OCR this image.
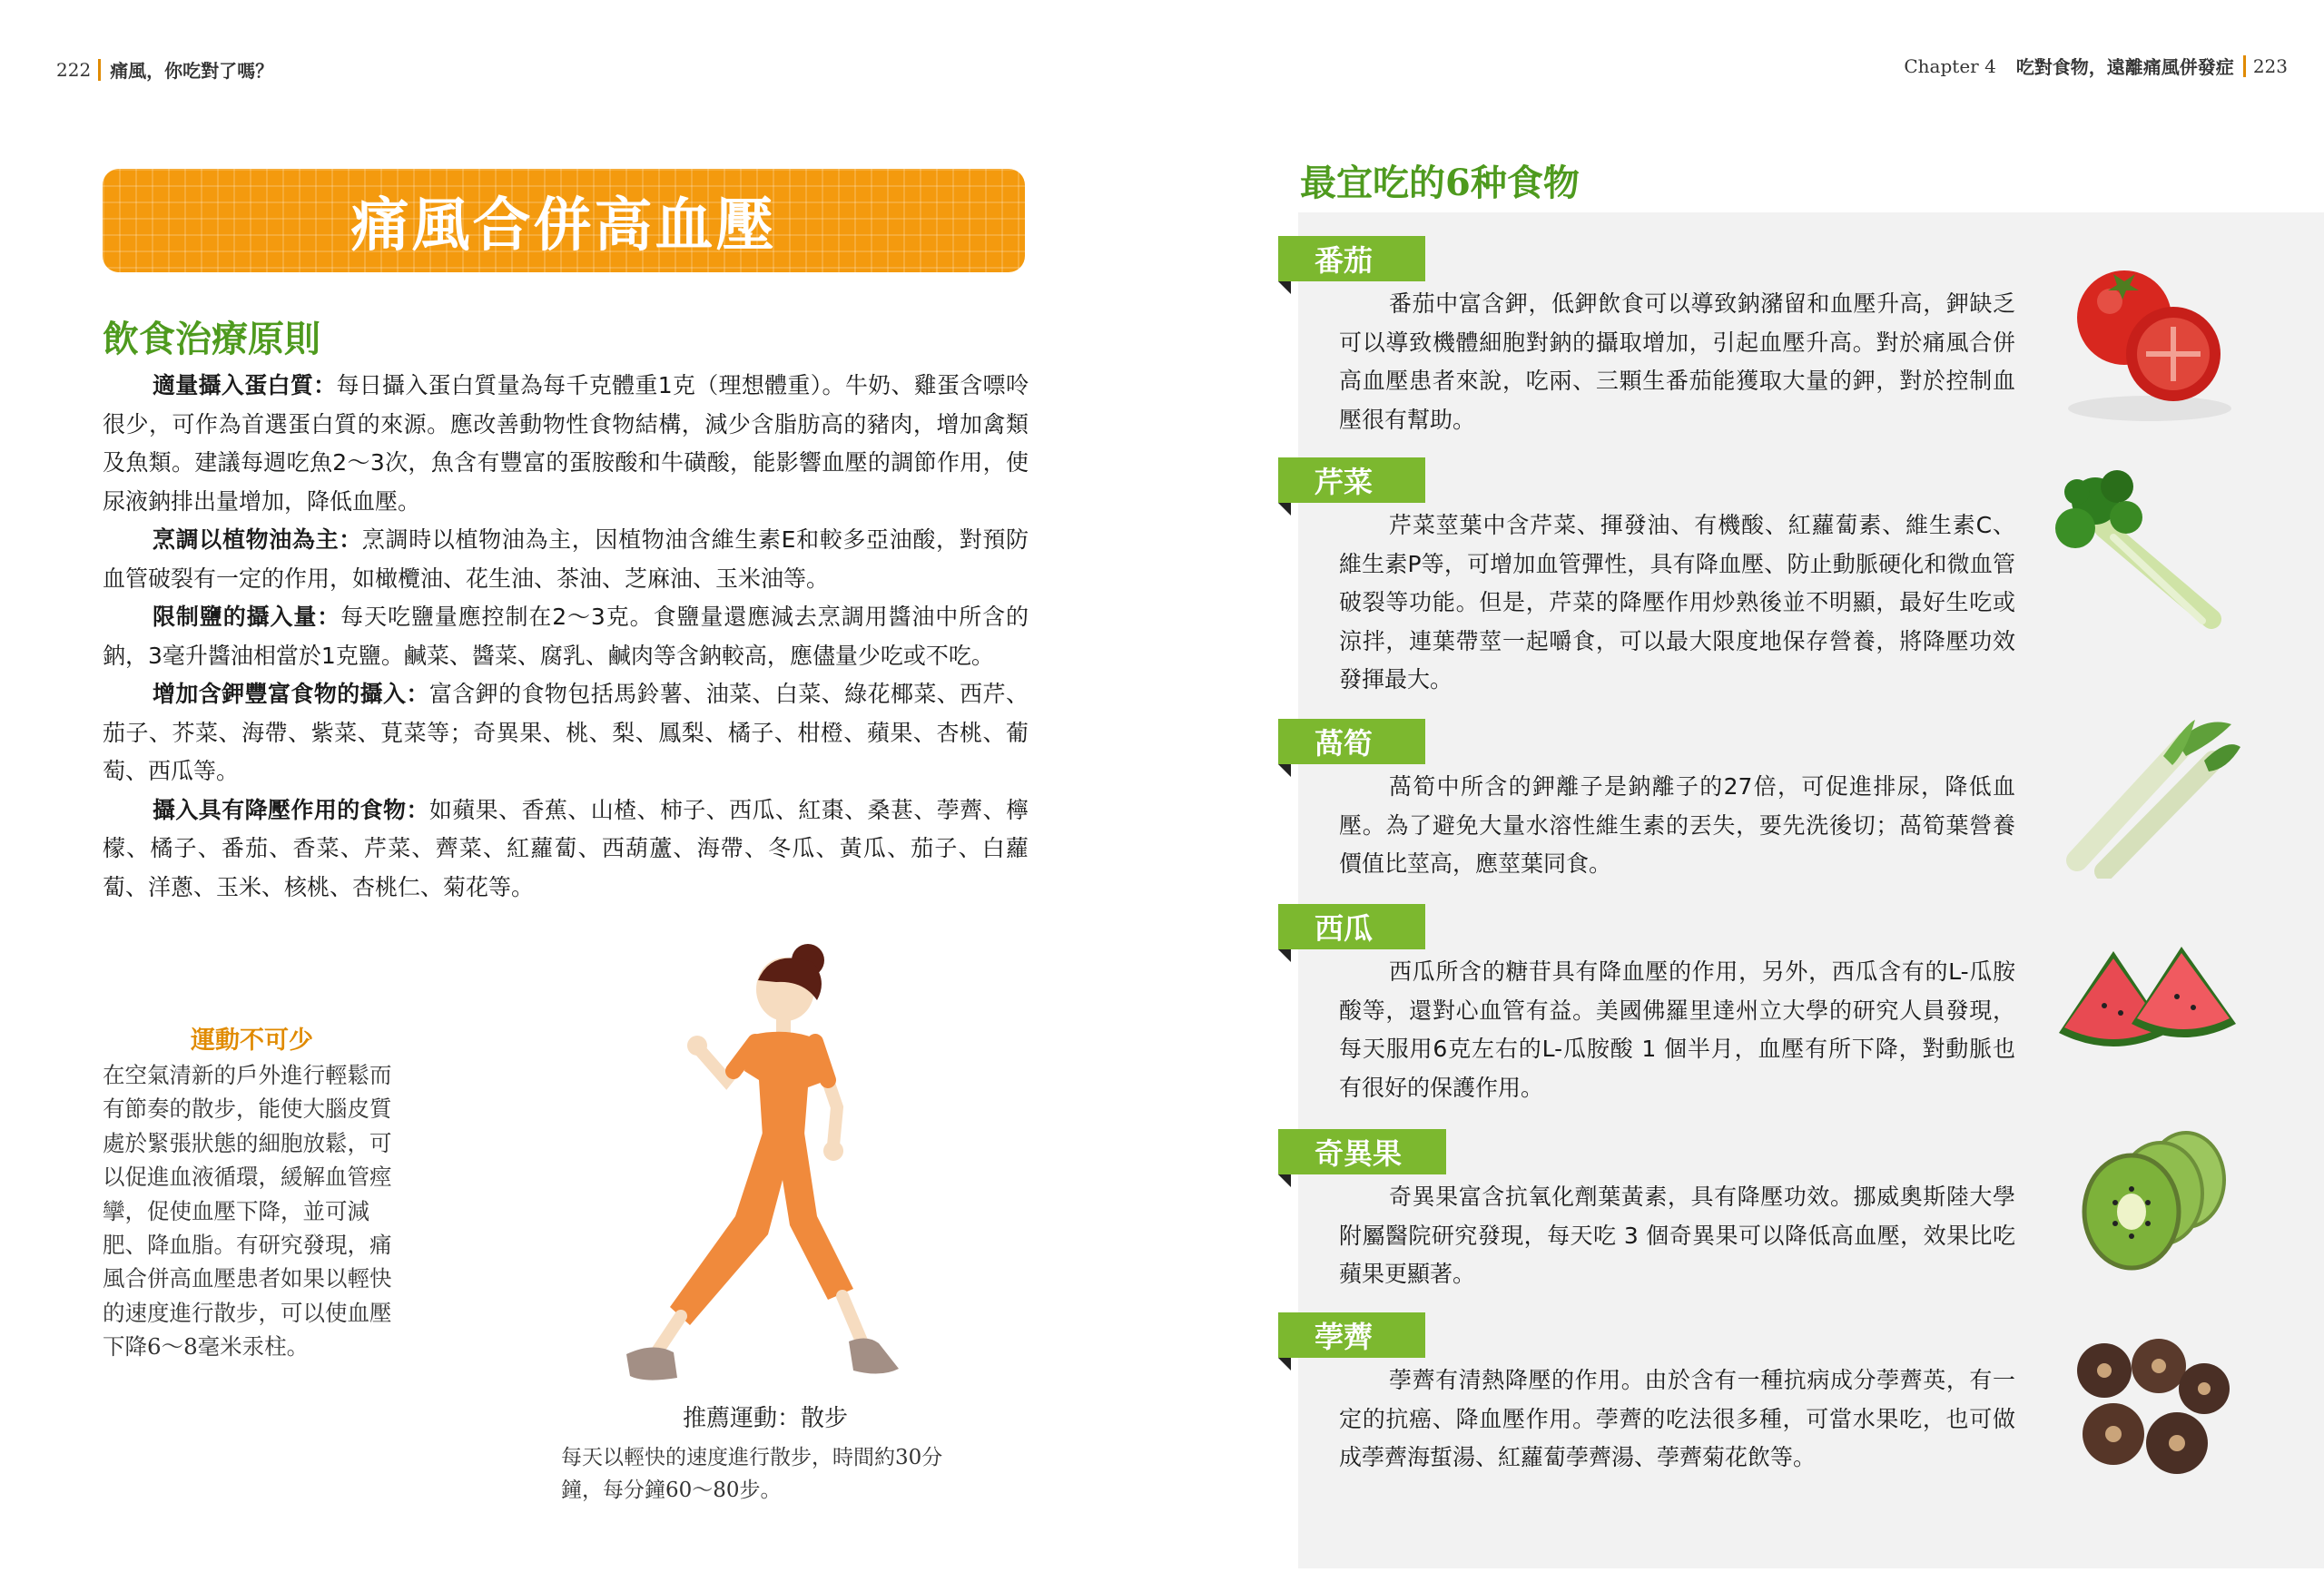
222	痛風，你吃對了嗎？	Chapter 4 吃對食物，遠離痛風併發症	223
痛風合併高血壓
飲食治療原則

適量攝入蛋白質：每日攝入蛋白質量為每千克體重1克（理想體重）。牛奶、雞蛋含嘌呤很少，可作為首選蛋白質的來源。應改善動物性食物結構，減少含脂肪高的豬肉，增加禽類及魚類。建議每週吃魚2～3次，魚含有豐富的蛋胺酸和牛磺酸，能影響血壓的調節作用，使尿液鈉排出量增加，降低血壓。

烹調以植物油為主：烹調時以植物油為主，因植物油含維生素E和較多亞油酸，對預防血管破裂有一定的作用，如橄欖油、花生油、茶油、芝麻油、玉米油等。

限制鹽的攝入量：每天吃鹽量應控制在2～3克。食鹽量還應減去烹調用醬油中所含的鈉，3毫升醬油相當於1克鹽。鹹菜、醬菜、腐乳、鹹肉等含鈉較高，應儘量少吃或不吃。

增加含鉀豐富食物的攝入：富含鉀的食物包括馬鈴薯、油菜、白菜、綠花椰菜、西芹、茄子、芥菜、海帶、紫菜、莧菜等；奇異果、桃、梨、鳳梨、橘子、柑橙、蘋果、杏桃、葡萄、西瓜等。

攝入具有降壓作用的食物：如蘋果、香蕉、山楂、柿子、西瓜、紅棗、桑葚、荸薺、檸檬、橘子、番茄、香菜、芹菜、薺菜、紅蘿蔔、西葫蘆、海帶、冬瓜、黃瓜、茄子、白蘿蔔、洋蔥、玉米、核桃、杏桃仁、菊花等。

運動不可少
在空氣清新的戶外進行輕鬆而
有節奏的散步，能使大腦皮質
處於緊張狀態的細胞放鬆，可
以促進血液循環，緩解血管痙
攣，促使血壓下降，並可減
肥、降血脂。有研究發現，痛
風合併高血壓患者如果以輕快
的速度進行散步，可以使血壓
下降6～8毫米汞柱。
推薦運動：散步
每天以輕快的速度進行散步，時間約30分
鐘，每分鐘60～80步。
最宜吃的6种食物
番茄

番茄中富含鉀，低鉀飲食可以導致鈉瀦留和血壓升高，鉀缺乏可以導致機體細胞對鈉的攝取增加，引起血壓升高。對於痛風合併高血壓患者來說，吃兩、三顆生番茄能獲取大量的鉀，對於控制血壓很有幫助。

芹菜

芹菜莖葉中含芹菜、揮發油、有機酸、紅蘿蔔素、維生素C、維生素P等，可增加血管彈性，具有降血壓、防止動脈硬化和微血管破裂等功能。但是，芹菜的降壓作用炒熟後並不明顯，最好生吃或涼拌，連葉帶莖一起嚼食，可以最大限度地保存營養，將降壓功效發揮最大。

萵筍

萵筍中所含的鉀離子是鈉離子的27倍，可促進排尿，降低血壓。為了避免大量水溶性維生素的丟失，要先洗後切；萵筍葉營養價值比莖高，應莖葉同食。

西瓜

西瓜所含的糖苷具有降血壓的作用，另外，西瓜含有的L-瓜胺酸等，還對心血管有益。美國佛羅里達州立大學的研究人員發現，每天服用6克左右的L-瓜胺酸 1 個半月，血壓有所下降，對動脈也有很好的保護作用。

奇異果

奇異果富含抗氧化劑葉黃素，具有降壓功效。挪威奧斯陸大學附屬醫院研究發現，每天吃 3 個奇異果可以降低高血壓，效果比吃蘋果更顯著。

荸薺

荸薺有清熱降壓的作用。由於含有一種抗病成分荸薺英，有一定的抗癌、降血壓作用。荸薺的吃法很多種，可當水果吃，也可做成荸薺海蜇湯、紅蘿蔔荸薺湯、荸薺菊花飲等。
